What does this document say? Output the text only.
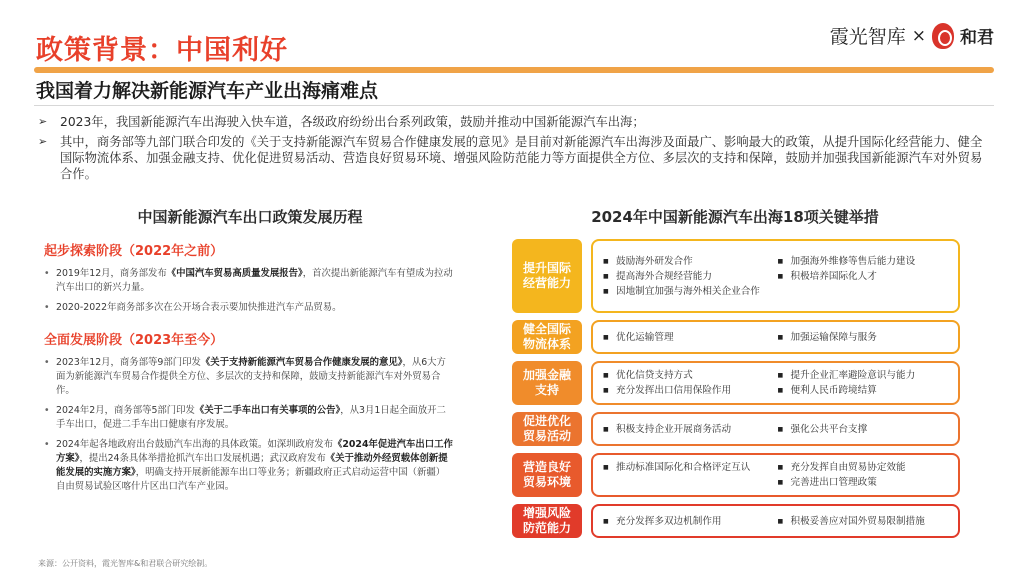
政策背景：中国利好	霞光智库 × 和君
我国着力解决新能源汽车产业出海痛难点
➢	2023年，我国新能源汽车出海驶入快车道，各级政府纷纷出台系列政策，鼓励并推动中国新能源汽车出海；
➢	其中，商务部等九部门联合印发的《关于支持新能源汽车贸易合作健康发展的意见》是目前对新能源汽车出海涉及面最广、影响最大的政策，从提升国际化经营能力、健全国际物流体系、加强金融支持、优化促进贸易活动、营造良好贸易环境、增强风险防范能力等方面提供全方位、多层次的支持和保障，鼓励并加强我国新能源汽车对外贸易合作。
中国新能源汽车出口政策发展历程	2024年中国新能源汽车出海18项关键举措
起步探索阶段（2022年之前）
• 2019年12月，商务部发布《中国汽车贸易高质量发展报告》，首次提出新能源汽车有望成为拉动汽车出口的新兴力量。
• 2020-2022年商务部多次在公开场合表示要加快推进汽车产品贸易。
全面发展阶段（2023年至今）
• 2023年12月，商务部等9部门印发《关于支持新能源汽车贸易合作健康发展的意见》，从6大方面为新能源汽车贸易合作提供全方位、多层次的支持和保障，鼓励支持新能源汽车对外贸易合作。
• 2024年2月，商务部等5部门印发《关于二手车出口有关事项的公告》，从3月1日起全面放开二手车出口，促进二手车出口健康有序发展。
• 2024年起各地政府出台鼓励汽车出海的具体政策。如深圳政府发布《2024年促进汽车出口工作方案》，提出24条具体举措抢抓汽车出口发展机遇；武汉政府发布《关于推动外经贸载体创新提能发展的实施方案》，明确支持开展新能源车出口等业务；新疆政府正式启动运营中国（新疆）自由贸易试验区喀什片区出口汽车产业园。
提升国际经营能力
■ 鼓励海外研发合作	■ 加强海外维修等售后能力建设
■ 提高海外合规经营能力	■ 积极培养国际化人才
■ 因地制宜加强与海外相关企业合作
健全国际物流体系	■ 优化运输管理	■ 加强运输保障与服务
加强金融支持
■ 优化信贷支持方式	■ 提升企业汇率避险意识与能力
■ 充分发挥出口信用保险作用	■ 便利人民币跨境结算
促进优化贸易活动	■ 积极支持企业开展商务活动	■ 强化公共平台支撑
营造良好贸易环境
■ 推动标准国际化和合格评定互认	■ 充分发挥自由贸易协定效能
■ 完善进出口管理政策
增强风险防范能力	■ 充分发挥多双边机制作用	■ 积极妥善应对国外贸易限制措施
来源：公开资料，霞光智库&和君联合研究绘制。
